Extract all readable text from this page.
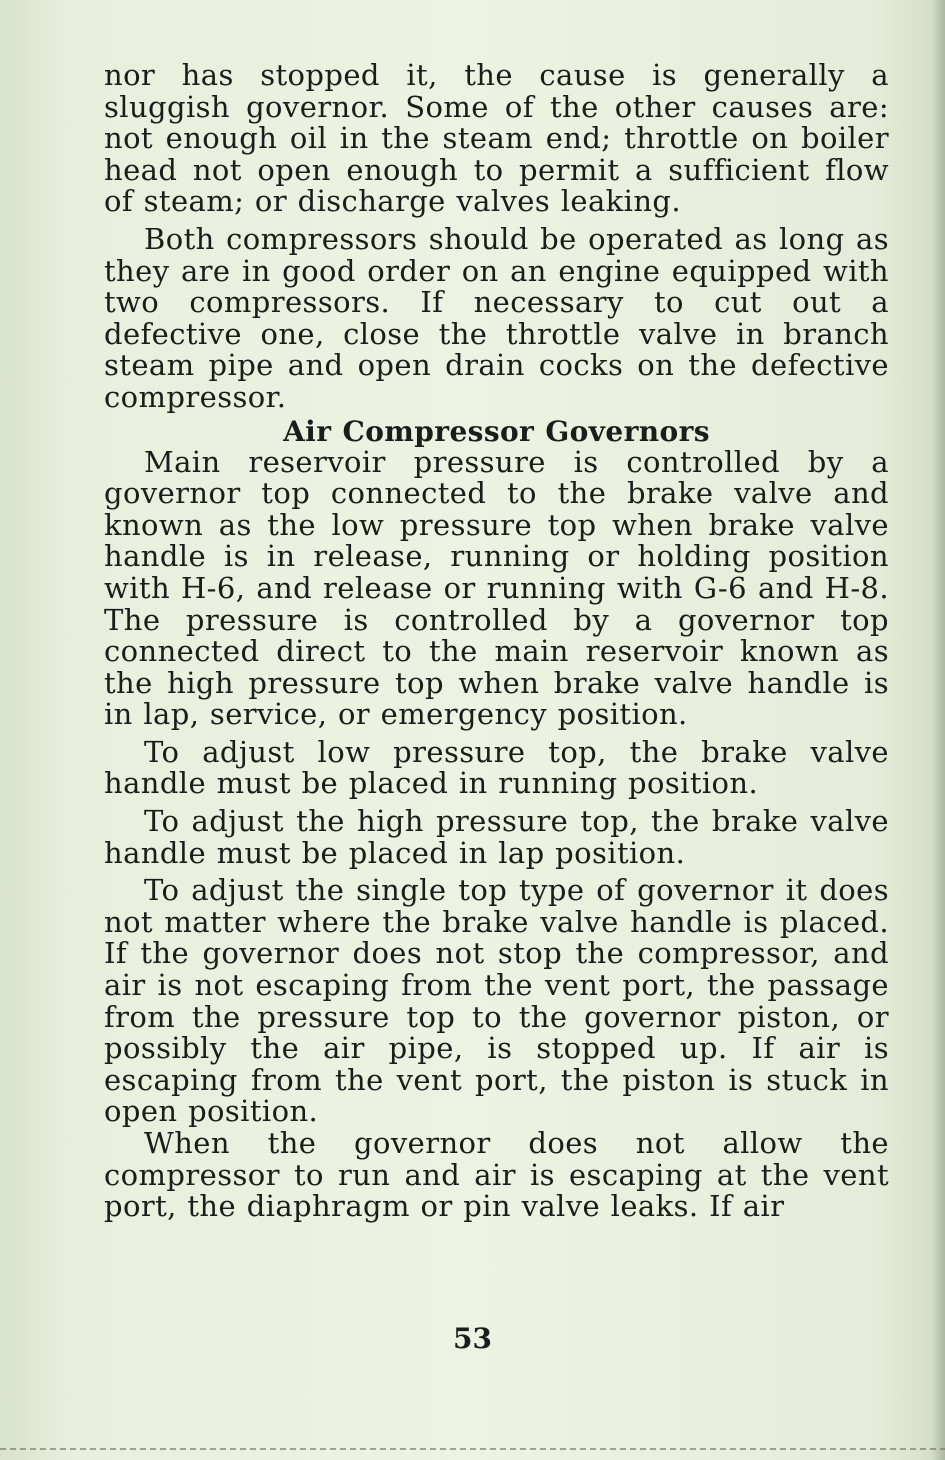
nor has stopped it, the cause is generally a sluggish governor. Some of the other causes are: not enough oil in the steam end; throttle on boiler head not open enough to permit a sufficient flow of steam; or discharge valves leaking.

Both compressors should be operated as long as they are in good order on an engine equipped with two compressors. If necessary to cut out a defective one, close the throttle valve in branch steam pipe and open drain cocks on the defective compressor.

Air Compressor Governors

Main reservoir pressure is controlled by a governor top connected to the brake valve and known as the low pressure top when brake valve handle is in release, running or holding position with H-6, and release or running with G-6 and H-8. The pressure is controlled by a governor top connected direct to the main reservoir known as the high pressure top when brake valve handle is in lap, service, or emergency position.

To adjust low pressure top, the brake valve handle must be placed in running position.

To adjust the high pressure top, the brake valve handle must be placed in lap position.

To adjust the single top type of governor it does not matter where the brake valve handle is placed. If the governor does not stop the compressor, and air is not escaping from the vent port, the passage from the pressure top to the governor piston, or possibly the air pipe, is stopped up. If air is escaping from the vent port, the piston is stuck in open position.

When the governor does not allow the compressor to run and air is escaping at the vent port, the diaphragm or pin valve leaks. If air

53
